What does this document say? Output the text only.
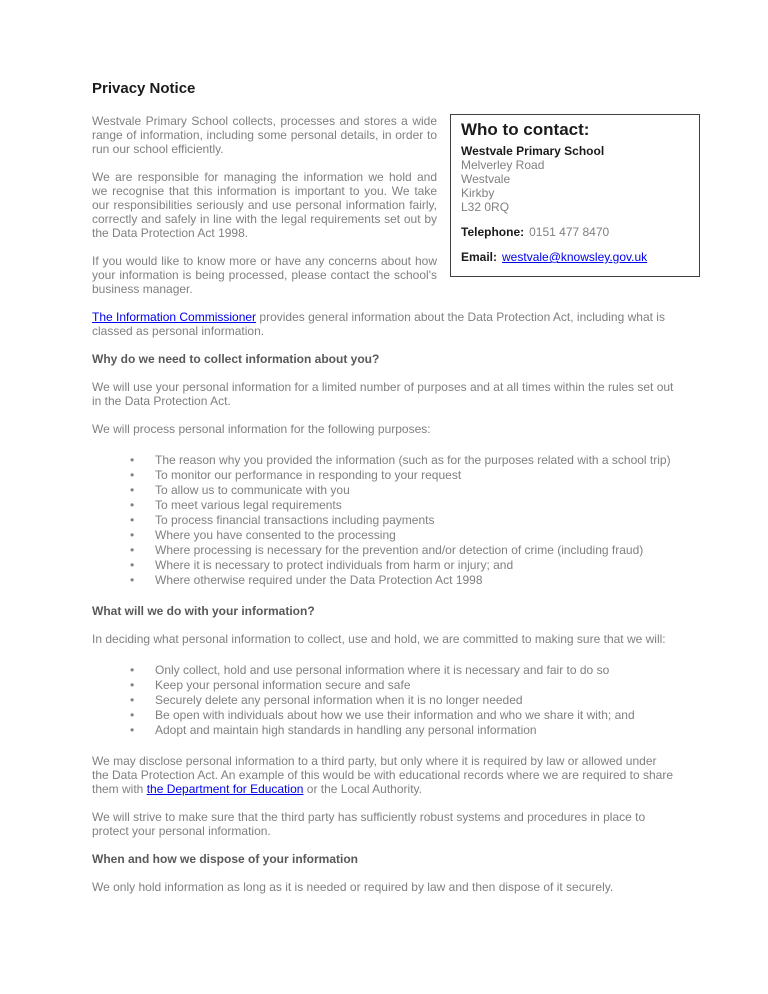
Privacy Notice

Westvale Primary School collects, processes and stores a wide range of information, including some personal details, in order to run our school efficiently.

We are responsible for managing the information we hold and we recognise that this information is important to you. We take our responsibilities seriously and use personal information fairly, correctly and safely in line with the legal requirements set out by the Data Protection Act 1998.

If you would like to know more or have any concerns about how your information is being processed, please contact the school's business manager.

Who to contact:
Westvale Primary School
Melverley Road
Westvale
Kirkby
L32 0RQ
Telephone: 0151 477 8470
Email: westvale@knowsley.gov.uk

The Information Commissioner provides general information about the Data Protection Act, including what is classed as personal information.

Why do we need to collect information about you?

We will use your personal information for a limited number of purposes and at all times within the rules set out in the Data Protection Act.

We will process personal information for the following purposes:

• The reason why you provided the information (such as for the purposes related with a school trip)
• To monitor our performance in responding to your request
• To allow us to communicate with you
• To meet various legal requirements
• To process financial transactions including payments
• Where you have consented to the processing
• Where processing is necessary for the prevention and/or detection of crime (including fraud)
• Where it is necessary to protect individuals from harm or injury; and
• Where otherwise required under the Data Protection Act 1998
What will we do with your information?

In deciding what personal information to collect, use and hold, we are committed to making sure that we will:

• Only collect, hold and use personal information where it is necessary and fair to do so
• Keep your personal information secure and safe
• Securely delete any personal information when it is no longer needed
• Be open with individuals about how we use their information and who we share it with; and
• Adopt and maintain high standards in handling any personal information

We may disclose personal information to a third party, but only where it is required by law or allowed under the Data Protection Act. An example of this would be with educational records where we are required to share them with the Department for Education or the Local Authority.

We will strive to make sure that the third party has sufficiently robust systems and procedures in place to protect your personal information.

When and how we dispose of your information

We only hold information as long as it is needed or required by law and then dispose of it securely.
